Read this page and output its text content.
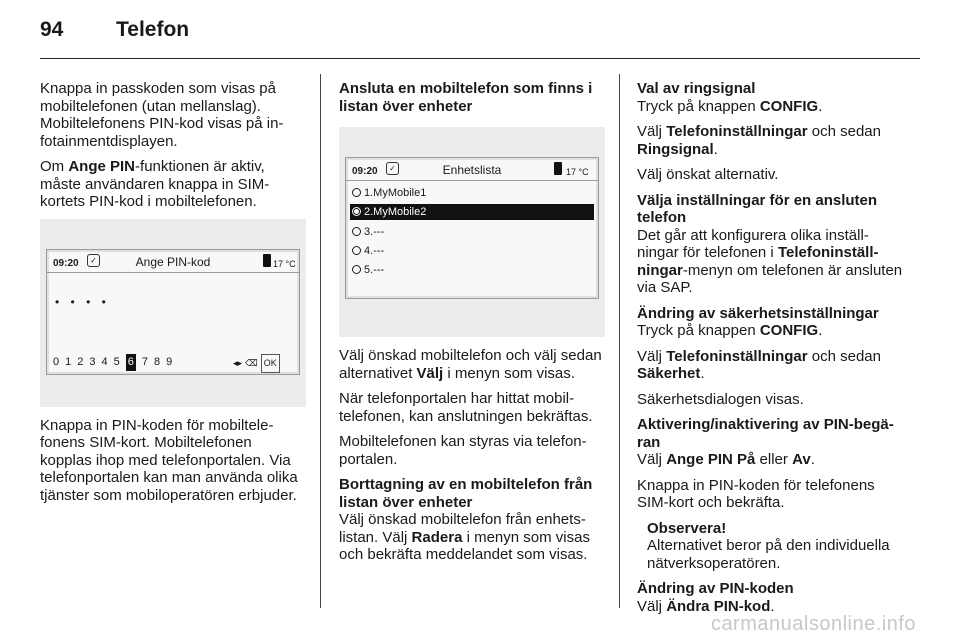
94	Telefon

Knappa in passkoden som visas på mobiltelefonen (utan mellanslag). Mobiltelefonens PIN-kod visas på infotainmentdisplayen.

Om Ange PIN-funktionen är aktiv, måste användaren knappa in SIM-kortets PIN-kod i mobiltelefonen.

09:20	✓	Ange PIN-kod	17 °C
• • • •
012345 6 789	◂▸ ⌫ OK

Knappa in PIN-koden för mobiltelefonens SIM-kort. Mobiltelefonen kopplas ihop med telefonportalen. Via telefonportalen kan man använda olika tjänster som mobiloperatören erbjuder.

Ansluta en mobiltelefon som finns i listan över enheter
09:20	✓	Enhetslista	17 °C
1.MyMobile1
2.MyMobile2
3.---
4.---
5.---

Välj önskad mobiltelefon och välj sedan alternativet Välj i menyn som visas.

När telefonportalen har hittat mobiltelefonen, kan anslutningen bekräftas.

Mobiltelefonen kan styras via telefonportalen.

Borttagning av en mobiltelefon från listan över enheter

Välj önskad mobiltelefon från enhetslistan. Välj Radera i menyn som visas och bekräfta meddelandet som visas.

Val av ringsignal

Tryck på knappen CONFIG.

Välj Telefoninställningar och sedan Ringsignal.

Välj önskat alternativ.

Välja inställningar för en ansluten telefon

Det går att konfigurera olika inställningar för telefonen i Telefoninställningar-menyn om telefonen är ansluten via SAP.

Ändring av säkerhetsinställningar

Tryck på knappen CONFIG.

Välj Telefoninställningar och sedan Säkerhet.

Säkerhetsdialogen visas.

Aktivering/inaktivering av PIN-begäran

Välj Ange PIN På eller Av.

Knappa in PIN-koden för telefonens SIM-kort och bekräfta.

Observera!
Alternativet beror på den individuella nätverksoperatören.
Ändring av PIN-koden

Välj Ändra PIN-kod.

carmanualsonline.info
